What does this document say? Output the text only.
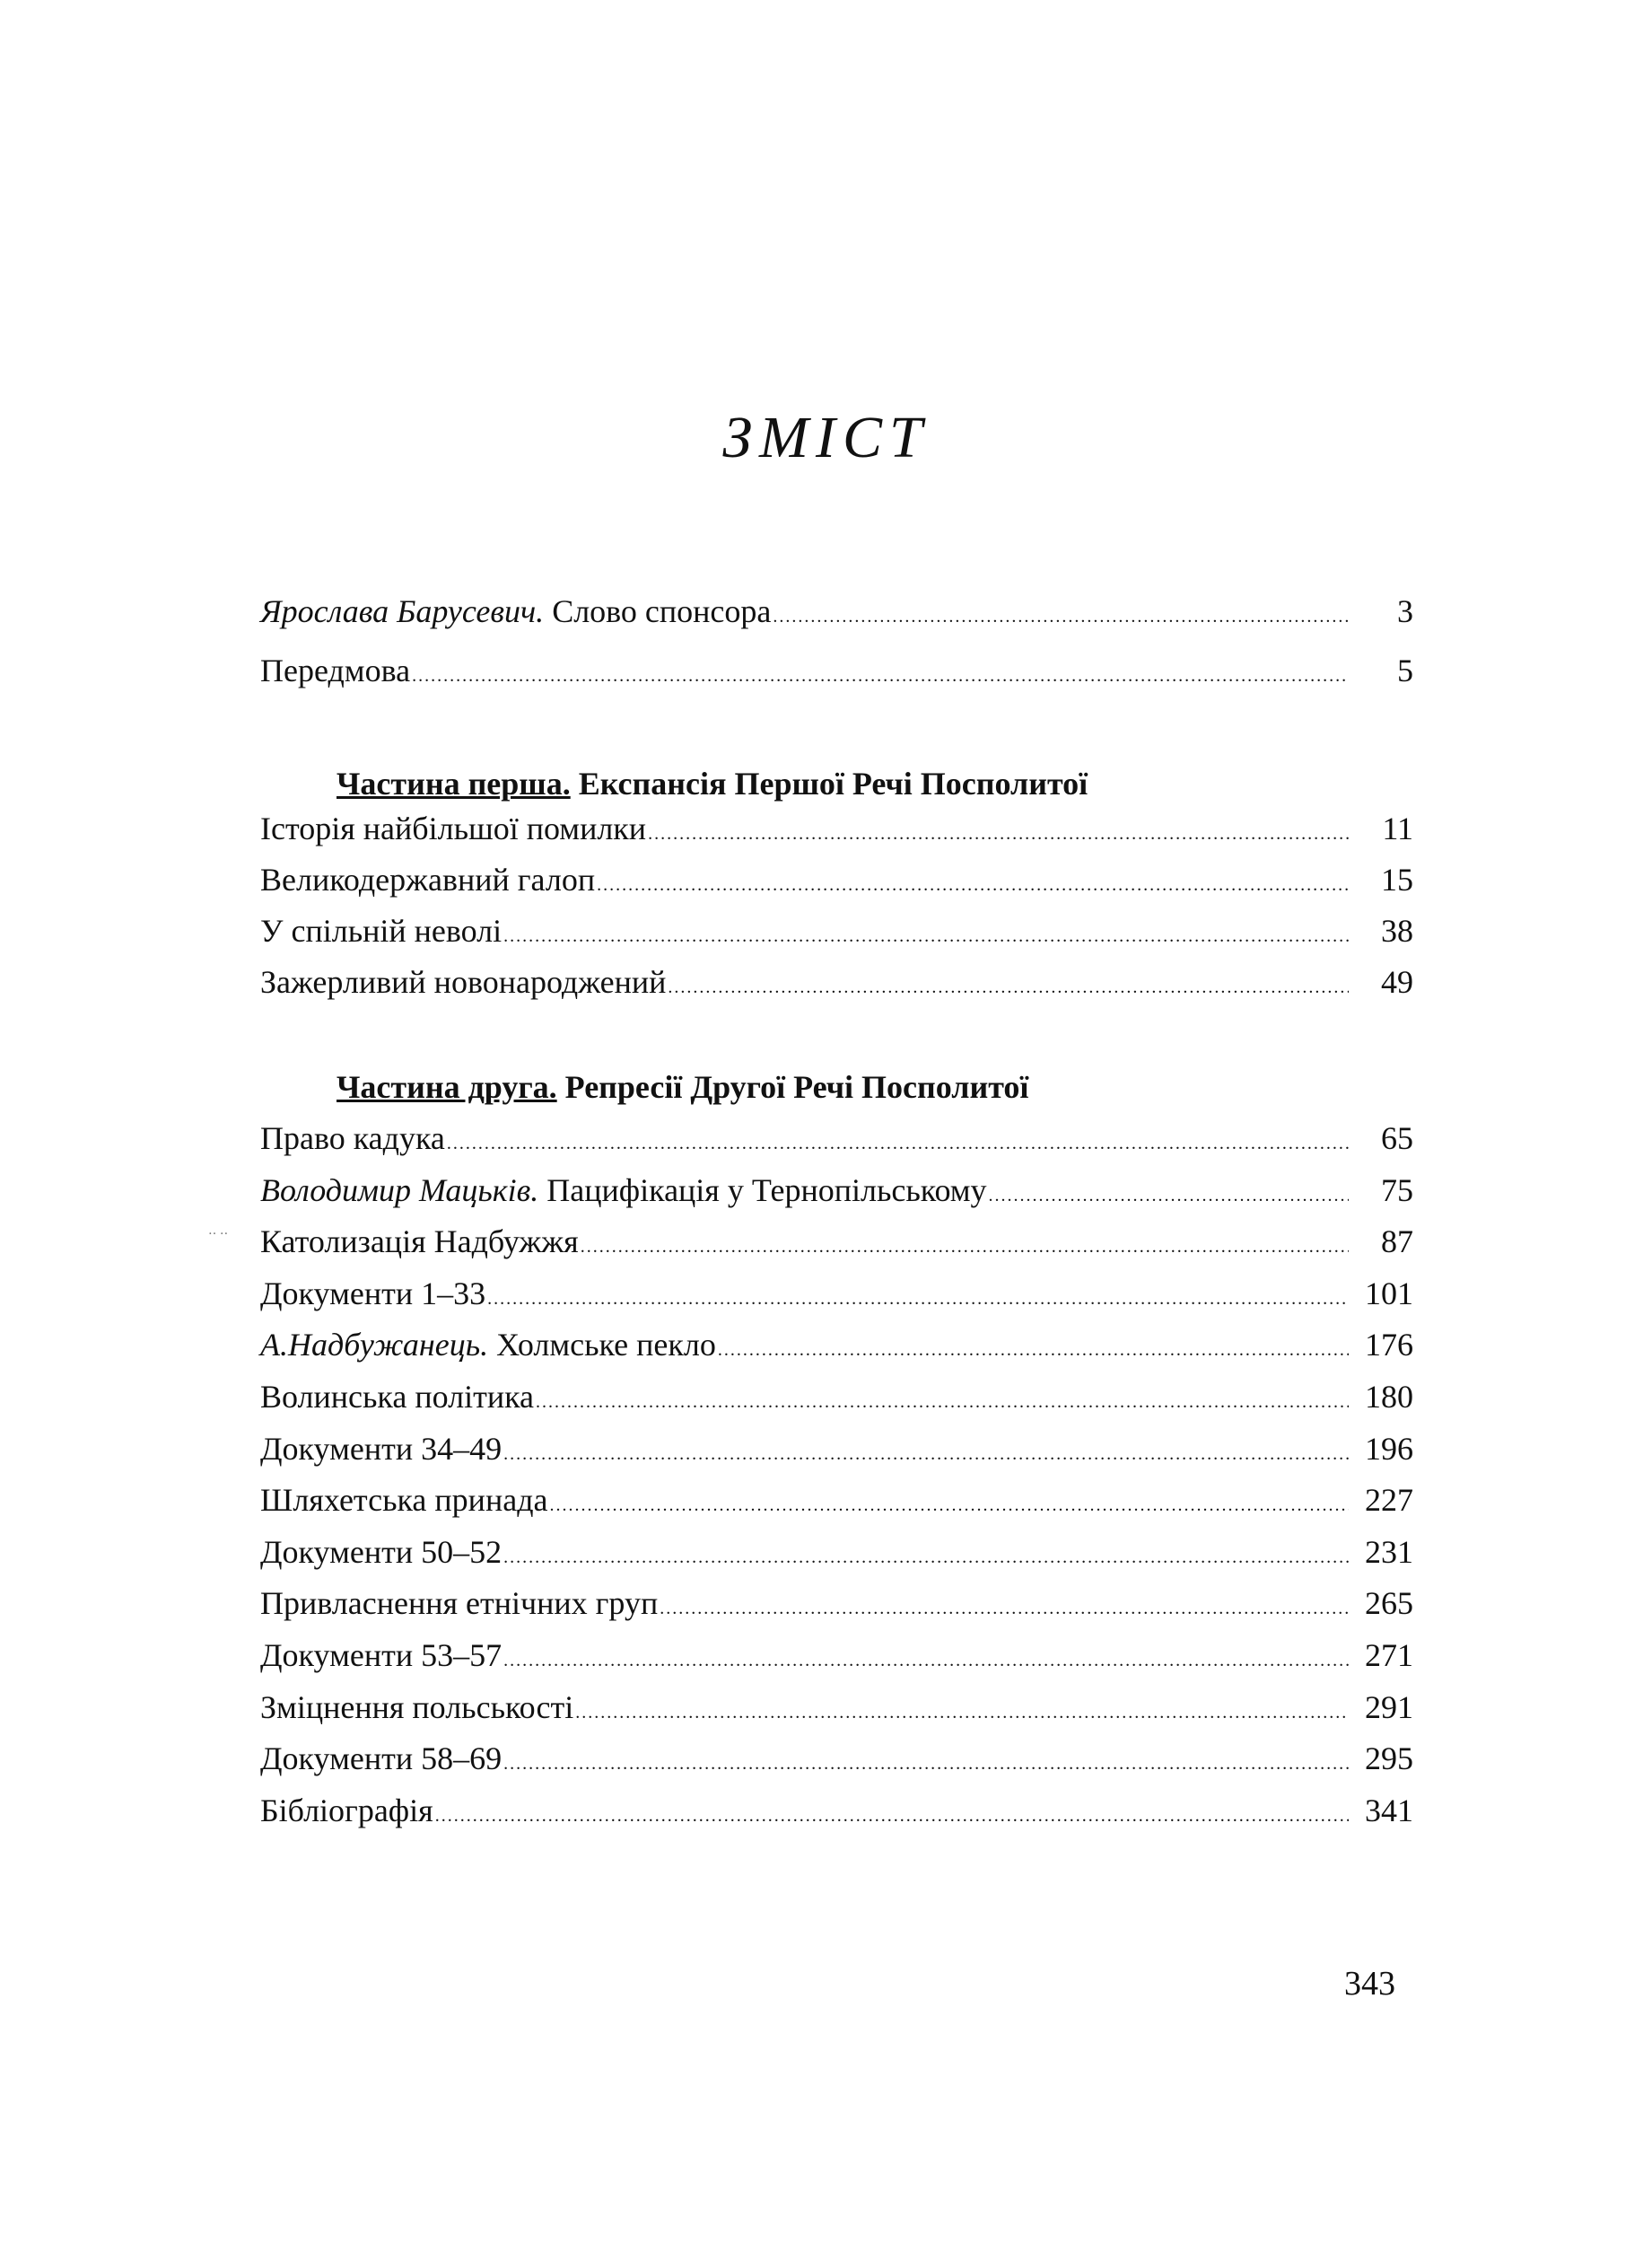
ЗМІСТ
Ярослава Барусевич. Слово спонсора .....	3
Передмова .....	5
Частина перша. Експансія Першої Речі Посполитої
Історія найбільшої помилки .....	11
Великодержавний галоп .....	15
У спільній неволі .....	38
Зажерливий новонароджений .....	49
Частина друга. Репресії Другої Речі Посполитої
Право кадука .....	65
Володимир Мацьків. Пацифікація у Тернопільському .....	75
Католизація Надбужжя .....	87
Документи 1–33 .....	101
А.Надбужанець. Холмське пекло .....	176
Волинська політика .....	180
Документи 34–49 .....	196
Шляхетська принада .....	227
Документи 50–52 .....	231
Привласнення етнічних груп .....	265
Документи 53–57 .....	271
Зміцнення польськості .....	291
Документи 58–69 .....	295
Бібліографія .....	341
‥ ‥
343
